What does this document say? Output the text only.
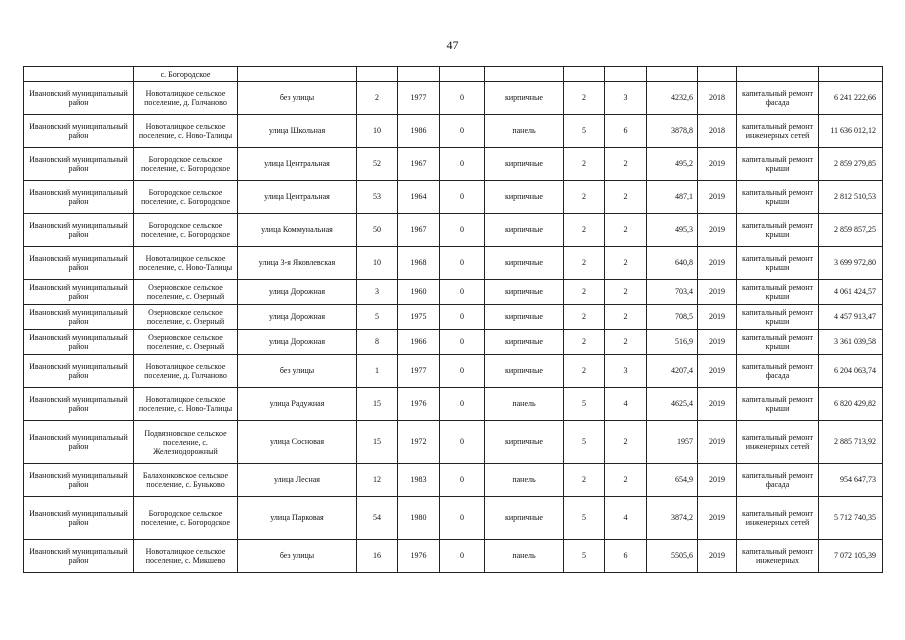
47
	с. Богородское											
Ивановский муниципальный район	Новоталицкое сельское поселение, д. Голчаново	без улицы	2	1977	0	кирпичные	2	3	4232,6	2018	капитальный ремонт фасада	6 241 222,66
Ивановский муниципальный район	Новоталицкое сельское поселение, с. Ново-Талицы	улица Школьная	10	1986	0	панель	5	6	3878,8	2018	капитальный ремонт инженерных сетей	11 636 012,12
Ивановский муниципальный район	Богородское сельское поселение, с. Богородское	улица Центральная	52	1967	0	кирпичные	2	2	495,2	2019	капитальный ремонт крыши	2 859 279,85
Ивановский муниципальный район	Богородское сельское поселение, с. Богородское	улица Центральная	53	1964	0	кирпичные	2	2	487,1	2019	капитальный ремонт крыши	2 812 510,53
Ивановский муниципальный район	Богородское сельское поселение, с. Богородское	улица Коммунальная	50	1967	0	кирпичные	2	2	495,3	2019	капитальный ремонт крыши	2 859 857,25
Ивановский муниципальный район	Новоталицкое сельское поселение, с. Ново-Талицы	улица 3-я Яковлевская	10	1968	0	кирпичные	2	2	640,8	2019	капитальный ремонт крыши	3 699 972,80
Ивановский муниципальный район	Озерновское сельское поселение, с. Озерный	улица Дорожная	3	1960	0	кирпичные	2	2	703,4	2019	капитальный ремонт крыши	4 061 424,57
Ивановский муниципальный район	Озерновское сельское поселение, с. Озерный	улица Дорожная	5	1975	0	кирпичные	2	2	708,5	2019	капитальный ремонт крыши	4 457 913,47
Ивановский муниципальный район	Озерновское сельское поселение, с. Озерный	улица Дорожная	8	1966	0	кирпичные	2	2	516,9	2019	капитальный ремонт крыши	3 361 039,58
Ивановский муниципальный район	Новоталицкое сельское поселение, д. Голчаново	без улицы	1	1977	0	кирпичные	2	3	4207,4	2019	капитальный ремонт фасада	6 204 063,74
Ивановский муниципальный район	Новоталицкое сельское поселение, с. Ново-Талицы	улица Радужная	15	1976	0	панель	5	4	4625,4	2019	капитальный ремонт крыши	6 820 429,82
Ивановский муниципальный район	Подвязновское сельское поселение, с. Железнодорожный	улица Сосновая	15	1972	0	кирпичные	5	2	1957	2019	капитальный ремонт инженерных сетей	2 885 713,92
Ивановский муниципальный район	Балахонковское сельское поселение, с. Буньково	улица Лесная	12	1983	0	панель	2	2	654,9	2019	капитальный ремонт фасада	954 647,73
Ивановский муниципальный район	Богородское сельское поселение, с. Богородское	улица Парковая	54	1980	0	кирпичные	5	4	3874,2	2019	капитальный ремонт инженерных сетей	5 712 740,35
Ивановский муниципальный район	Новоталицкое сельское поселение, с. Микшево	без улицы	16	1976	0	панель	5	6	5505,6	2019	капитальный ремонт инженерных	7 072 105,39
